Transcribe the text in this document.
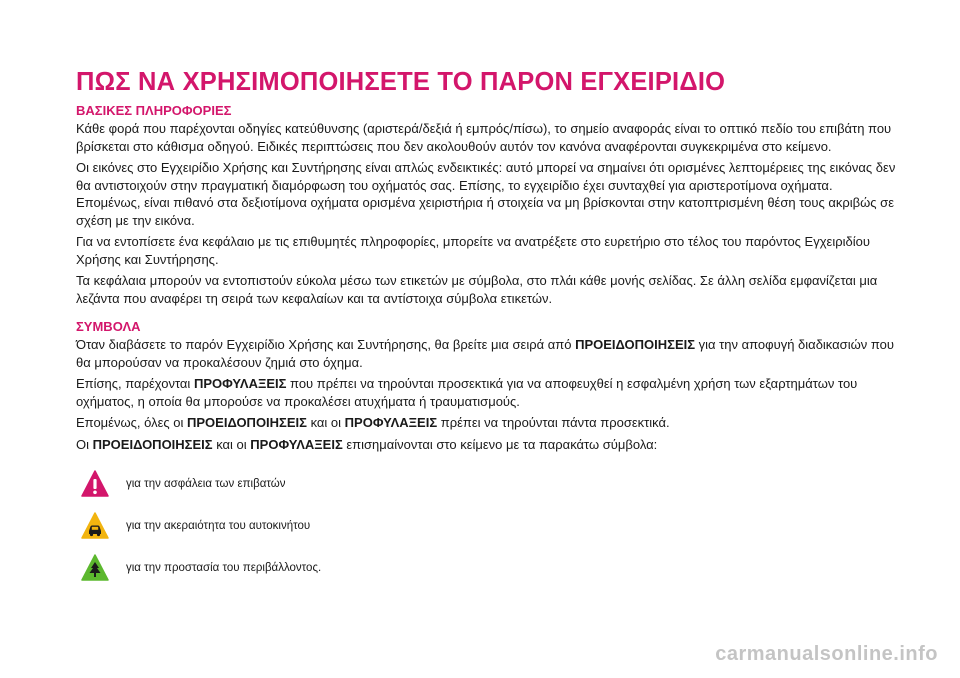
ΠΩΣ ΝΑ ΧΡΗΣΙΜΟΠΟΙΗΣΕΤΕ ΤΟ ΠΑΡΟΝ ΕΓΧΕΙΡΙΔΙΟ
ΒΑΣΙΚΕΣ ΠΛΗΡΟΦΟΡΙΕΣ

Κάθε φορά που παρέχονται οδηγίες κατεύθυνσης (αριστερά/δεξιά ή εμπρός/πίσω), το σημείο αναφοράς είναι το οπτικό πεδίο του επιβάτη που βρίσκεται στο κάθισμα οδηγού. Ειδικές περιπτώσεις που δεν ακολουθούν αυτόν τον κανόνα αναφέρονται συγκεκριμένα στο κείμενο.

Οι εικόνες στο Εγχειρίδιο Χρήσης και Συντήρησης είναι απλώς ενδεικτικές: αυτό μπορεί να σημαίνει ότι ορισμένες λεπτομέρειες της εικόνας δεν θα αντιστοιχούν στην πραγματική διαμόρφωση του οχήματός σας. Επίσης, το εγχειρίδιο έχει συνταχθεί για αριστεροτίμονα οχήματα. Επομένως, είναι πιθανό στα δεξιοτίμονα οχήματα ορισμένα χειριστήρια ή στοιχεία να μη βρίσκονται στην κατοπτρισμένη θέση τους ακριβώς σε σχέση με την εικόνα.

Για να εντοπίσετε ένα κεφάλαιο με τις επιθυμητές πληροφορίες, μπορείτε να ανατρέξετε στο ευρετήριο στο τέλος του παρόντος Εγχειριδίου Χρήσης και Συντήρησης.

Τα κεφάλαια μπορούν να εντοπιστούν εύκολα μέσω των ετικετών με σύμβολα, στο πλάι κάθε μονής σελίδας. Σε άλλη σελίδα εμφανίζεται μια λεζάντα που αναφέρει τη σειρά των κεφαλαίων και τα αντίστοιχα σύμβολα ετικετών.

ΣΥΜΒΟΛΑ

Όταν διαβάσετε το παρόν Εγχειρίδιο Χρήσης και Συντήρησης, θα βρείτε μια σειρά από ΠΡΟΕΙΔΟΠΟΙΗΣΕΙΣ για την αποφυγή διαδικασιών που θα μπορούσαν να προκαλέσουν ζημιά στο όχημα.

Επίσης, παρέχονται ΠΡΟΦΥΛΑΞΕΙΣ που πρέπει να τηρούνται προσεκτικά για να αποφευχθεί η εσφαλμένη χρήση των εξαρτημάτων του οχήματος, η οποία θα μπορούσε να προκαλέσει ατυχήματα ή τραυματισμούς.

Επομένως, όλες οι ΠΡΟΕΙΔΟΠΟΙΗΣΕΙΣ και οι ΠΡΟΦΥΛΑΞΕΙΣ πρέπει να τηρούνται πάντα προσεκτικά.

Οι ΠΡΟΕΙΔΟΠΟΙΗΣΕΙΣ και οι ΠΡΟΦΥΛΑΞΕΙΣ επισημαίνονται στο κείμενο με τα παρακάτω σύμβολα:

για την ασφάλεια των επιβατών
για την ακεραιότητα του αυτοκινήτου
για την προστασία του περιβάλλοντος.
carmanualsonline.info
